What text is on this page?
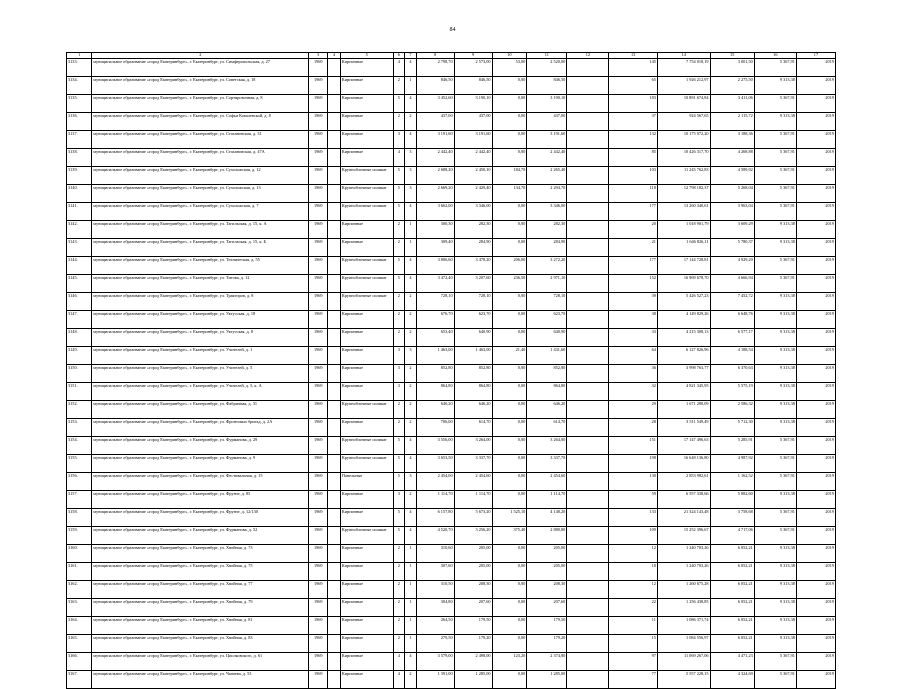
84
1	2	3	4	5	6	7	8	9	10	11	12	13	14	15	16	17
3133.	муниципальное образование «город Екатеринбург», г. Екатеринбург, ул. Симферопольская, д. 27	1969		Кирпичные	4	4	2 798,70	2 573,00	53,00	2 520,00		145	7 754 018,19	3 001,50	5 367,91	2019
3134.	муниципальное образование «город Екатеринбург», г. Екатеринбург, ул. Советская, д. 18	1969		Кирпичные	2	1	846,50	846,50	0,00	846,50		65	1 926 212,97	2 275,50	9 313,38	2019
3135.	муниципальное образование «город Екатеринбург», г. Екатеринбург, ул. Сортировочная, д. 8	1969		Кирпичные	5	4	3 452,60	3 190,10	0,00	3 190,10		183	10 881 674,84	3 411,06	5 367,91	2019
3136.	муниципальное образование «город Екатеринбург», г. Екатеринбург, ул. Софьи Ковалевской, д. 8	1969		Кирпичные	2	2	437,00	437,00	0,00	437,00		37	924 567,65	2 115,72	9 313,38	2019
3137.	муниципальное образование «город Екатеринбург», г. Екатеринбург, ул. Стахановская, д. 31	1969		Кирпичные	3	4	3 191,60	3 191,60	0,00	3 191,60		132	10 175 972,20	3 188,36	5 367,91	2019
3138.	муниципальное образование «город Екатеринбург», г. Екатеринбург, ул. Стахановская, д. 47А	1969		Кирпичные	4	3	2 442,40	2 442,40	0,00	2 442,40		85	10 426 317,70	4 268,88	5 367,91	2019
3139.	муниципальное образование «город Екатеринбург», г. Екатеринбург, ул. Сухоложская, д. 12	1969		Крупноблочные силикат	5	3	2 688,20	2 450,10	184,70	2 265,40		103	11 245 762,83	4 589,92	5 367,91	2019
3140.	муниципальное образование «город Екатеринбург», г. Екатеринбург, ул. Сухоложская, д. 13	1969		Крупноблочные силикат	5	3	2 669,20	2 429,40	134,70	2 294,70		118	12 798 182,37	5 268,04	5 367,91	2019
3141.	муниципальное образование «город Екатеринбург», г. Екатеринбург, ул. Сухоложская, д. 7	1969		Крупноблочные силикат	5	4	3 662,00	3 346,00	0,00	3 346,00		177	13 260 340,61	3 963,04	5 367,91	2019
3142.	муниципальное образование «город Екатеринбург», г. Екатеринбург, ул. Тагильская, д. 15, к. А	1969		Кирпичные	2	1	300,30	282,30	0,00	282,30		20	1 018 901,79	3 609,29	9 313,38	2019
3143.	муниципальное образование «город Екатеринбург», г. Екатеринбург, ул. Тагильская, д. 15, к. Б	1969		Кирпичные	2	1	309,40	284,90	0,00	284,90		21	1 646 826,11	5 780,37	9 313,38	2019
3144.	муниципальное образование «город Екатеринбург», г. Екатеринбург, ул. Техническая, д. 55	1969		Крупноблочные силикат	5	4	3 806,60	3 478,20	206,00	3 272,20		177	17 144 728,81	4 929,20	5 367,91	2019
3145.	муниципальное образование «город Екатеринбург», г. Екатеринбург, ул. Титова, д. 12	1969		Крупноблочные силикат	5	4	3 472,40	3 207,60	236,50	2 971,10		152	16 969 678,70	4 666,94	5 367,91	2019
3146.	муниципальное образование «город Екатеринбург», г. Екатеринбург, ул. Тракторов, д. 8	1969		Крупноблочные силикат	2	2	728,10	728,10	0,00	728,10		39	5 426 527,23	7 452,72	9 313,38	2019
3147.	муниципальное образование «город Екатеринбург», г. Екатеринбург, ул. Уктусская, д. 18	1969		Кирпичные	2	2	676,70	623,70	0,00	623,70		38	4 149 829,26	6 648,76	9 313,38	2019
3148.	муниципальное образование «город Екатеринбург», г. Екатеринбург, ул. Уктусская, д. 8	1969		Кирпичные	2	2	653,40	640,90	0,00	640,90		33	4 215 308,13	6 577,17	9 313,38	2019
3149.	муниципальное образование «город Екатеринбург», г. Екатеринбург, ул. Учителей, д. 1	1969		Кирпичные	3	3	1 463,00	1 463,00	21,40	1 431,60		64	6 127 826,96	4 188,54	9 313,38	2019
3150.	муниципальное образование «город Екатеринбург», г. Екатеринбург, ул. Учителей, д. 5	1969		Кирпичные	3	2	852,80	852,80	0,00	852,80		36	3 998 763,77	6 370,63	9 313,38	2019
3151.	муниципальное образование «город Екатеринбург», г. Екатеринбург, ул. Учителей, д. 5, к. А	1969		Кирпичные	3	2	864,80	864,80	0,00	864,80		32	4 821 345,95	5 575,19	9 313,38	2019
3152.	муниципальное образование «город Екатеринбург», г. Екатеринбург, ул. Фабричная, д. 31	1969		Крупноблочные силикат	2	2	640,20	646,20	0,00	646,20		29	1 671 280,09	2 586,32	9 313,38	2019
3153.	муниципальное образование «город Екатеринбург», г. Екатеринбург, ул. Фронтовых бригад, д. 2А	1969		Кирпичные	2	2	706,00	614,70	0,00	614,70		28	3 511 549,49	5 712,30	9 313,38	2019
3154.	муниципальное образование «город Екатеринбург», г. Екатеринбург, ул. Фурманова, д. 29	1969		Крупноблочные силикат	5	4	3 556,00	3 264,00	0,00	3 264,00		151	17 147 496,63	5 285,91	5 367,91	2019
3155.	муниципальное образование «город Екатеринбург», г. Екатеринбург, ул. Фурманова, д. 9	1969		Крупноблочные силикат	5	4	3 653,50	3 337,70	0,00	3 337,70		198	16 648 136,80	4 987,92	5 367,91	2019
3156.	муниципальное образование «город Екатеринбург», г. Екатеринбург, ул. Фестивальная, д. 15	1969		Панельные	5	3	2 454,00	2 454,60	0,00	2 454,60		130	2 853 982,61	1 162,52	5 367,91	2019
3157.	муниципальное образование «город Екатеринбург», г. Екатеринбург, ул. Фрунзе, д. 85	1969		Кирпичные	3	2	1 114,70	1 114,70	0,00	1 114,70		59	6 557 338,66	5 882,60	9 313,38	2019
3158.	муниципальное образование «город Екатеринбург», г. Екатеринбург, ул. Фрунзе, д. 12/130	1969		Кирпичные	5	4	6 157,80	5 673,20	1 525,10	4 148,20		133	21 324 143,48	3 758,68	5 367,91	2019
3159.	муниципальное образование «город Екатеринбург», г. Екатеринбург, ул. Фурманова, д. 52	1969		Крупноблочные силикат	5	4	4 520,70	3 256,20	375,40	2 880,80		109	15 252 396,67	4 717,06	5 367,91	2019
3160.	муниципальное образование «город Екатеринбург», г. Екатеринбург, ул. Хвойная, д. 73	1969		Кирпичные	2	1	310,60	205,00	0,00	205,00		12	1 240 703,26	6 052,21	9 313,38	2019
3161.	муниципальное образование «город Екатеринбург», г. Екатеринбург, ул. Хвойная, д. 75	1969		Кирпичные	2	1	307,60	205,00	0,00	205,00		18	1 240 703,26	6 052,21	9 313,38	2019
3162.	муниципальное образование «город Екатеринбург», г. Екатеринбург, ул. Хвойная, д. 77	1969		Кирпичные	2	1	310,50	208,30	0,00	208,30		12	1 260 675,28	6 052,21	9 313,38	2019
3163.	муниципальное образование «город Екатеринбург», г. Екатеринбург, ул. Хвойная, д. 79	1969		Кирпичные	2	1	304,80	207,60	0,00	207,60		22	1 256 438,85	6 052,21	9 313,38	2019
3164.	муниципальное образование «город Екатеринбург», г. Екатеринбург, ул. Хвойная, д. 81	1969		Кирпичные	2	1	264,50	179,50	0,00	179,50		11	1 086 371,74	6 052,21	9 313,38	2019
3165.	муниципальное образование «город Екатеринбург», г. Екатеринбург, ул. Хвойная, д. 83	1969		Кирпичные	2	1	279,50	179,20	0,00	179,20		15	1 084 556,97	6 052,21	9 313,38	2019
3166.	муниципальное образование «город Екатеринбург», г. Екатеринбург, ул. Циолковского, д. 61	1969		Кирпичные	4	4	3 579,00	2 498,00	123,20	2 374,80		97	11 069 267,06	4 471,23	5 367,91	2019
3167.	муниципальное образование «город Екатеринбург», г. Екатеринбург, ул. Чапаева, д. 53	1969		Кирпичные	4	2	1 391,00	1 285,00	0,00	1 285,00		77	5 557 228,15	4 324,69	5 367,91	2019
